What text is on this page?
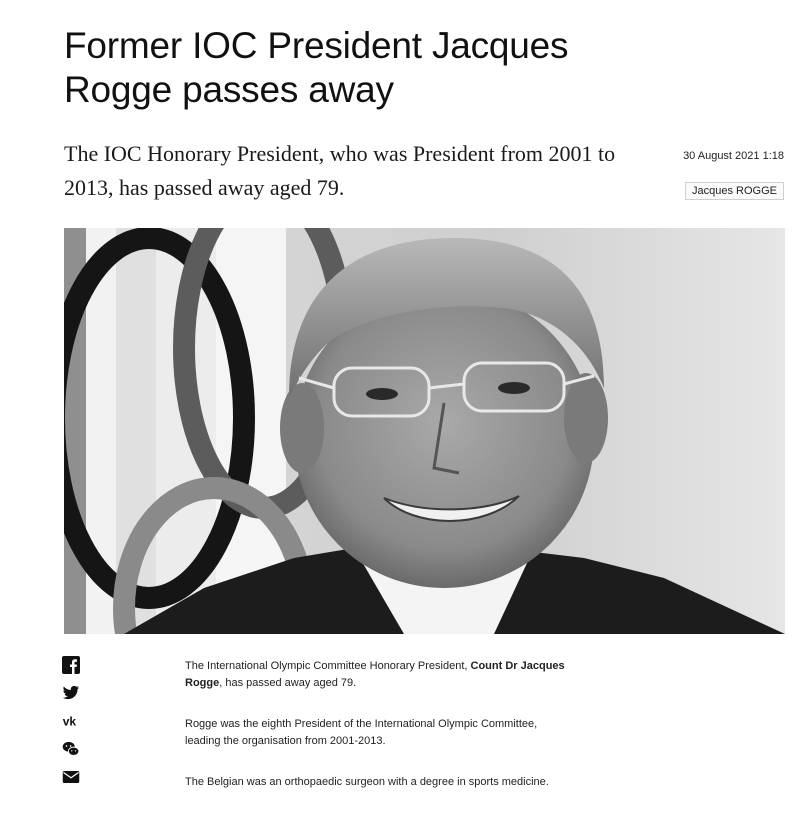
Former IOC President Jacques Rogge passes away

The IOC Honorary President, who was President from 2001 to 2013, has passed away aged 79.

30 August 2021 1:18
Jacques ROGGE
vk

The International Olympic Committee Honorary President, Count Dr Jacques Rogge, has passed away aged 79.

Rogge was the eighth President of the International Olympic Committee, leading the organisation from 2001-2013.

The Belgian was an orthopaedic surgeon with a degree in sports medicine.
